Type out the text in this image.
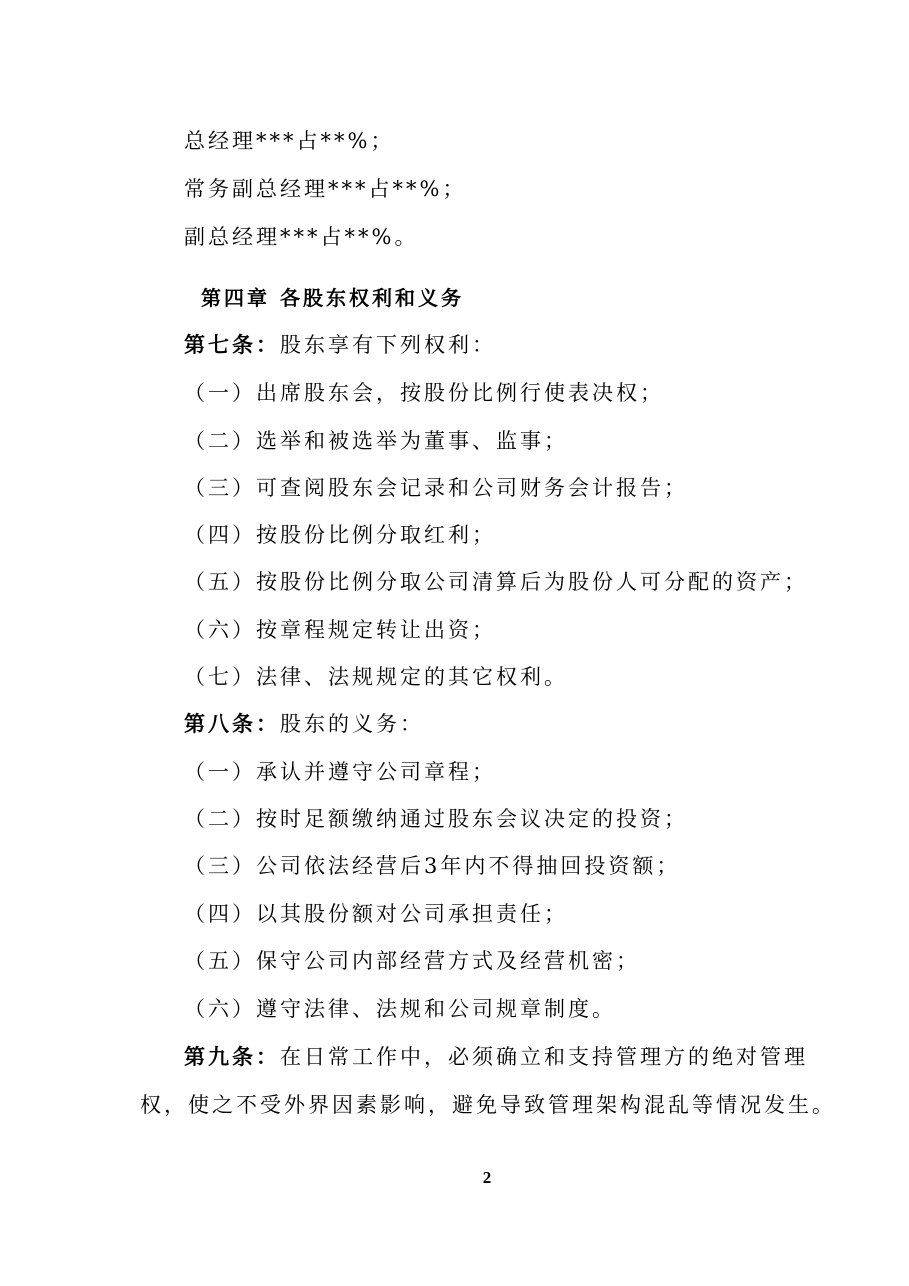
总经理***占**%；
常务副总经理***占**%；
副总经理***占**%。
第四章 各股东权利和义务
第七条：股东享有下列权利：
（一）出席股东会，按股份比例行使表决权；
（二）选举和被选举为董事、监事；
（三）可查阅股东会记录和公司财务会计报告；
（四）按股份比例分取红利；
（五）按股份比例分取公司清算后为股份人可分配的资产；
（六）按章程规定转让出资；
（七）法律、法规规定的其它权利。
第八条：股东的义务：
（一）承认并遵守公司章程；
（二）按时足额缴纳通过股东会议决定的投资；
（三）公司依法经营后3年内不得抽回投资额；
（四）以其股份额对公司承担责任；
（五）保守公司内部经营方式及经营机密；
（六）遵守法律、法规和公司规章制度。
第九条：在日常工作中，必须确立和支持管理方的绝对管理
权，使之不受外界因素影响，避免导致管理架构混乱等情况发生。
2
